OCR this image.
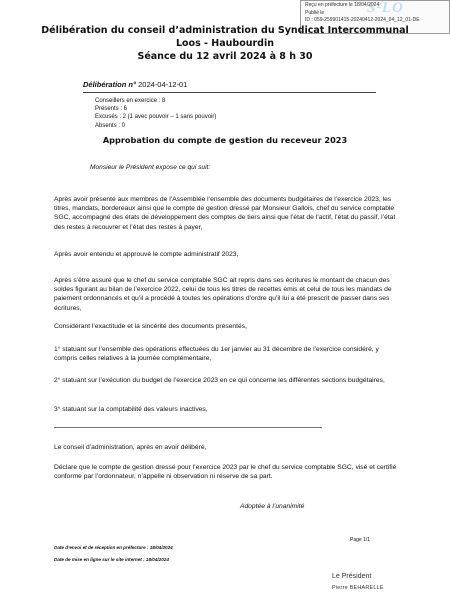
S²LO
Reçu en préfecture le 18/04/2024
Publié le
ID : 059-259901415-20240412-2024_04_12_01-DE
Délibération du conseil d’administration du Syndicat Intercommunal
Loos - Haubourdin
Séance du 12 avril 2024 à 8 h 30
Délibération n° 2024-04-12-01
Conseillers en exercice : 8
Présents : 6
Excusés : 2 (1 avec pouvoir – 1 sans pouvoir)
Absents : 0
Approbation du compte de gestion du receveur 2023
Monsieur le Président expose ce qui suit:
Après avoir présenté aux membres de l’Assemblée l’ensemble des documents budgétaires de l’exercice 2023, les titres, mandats, bordereaux ainsi que le compte de gestion dressé par Monsieur Gallois, chef du service comptable SGC, accompagné des états de développement des comptes de tiers ainsi que l’état de l’actif, l’état du passif, l’état des restes à recouvrer et l’état des restes à payer,
Après avoir entendu et approuvé le compte administratif 2023,
Après s’être assuré que le chef du service comptable SGC ait repris dans ses écritures le montant de chacun des soldes figurant au bilan de l’exercice 2022, celui de tous les titres de recettes émis et celui de tous les mandats de paiement ordonnancés et qu’il a procédé à toutes les opérations d’ordre qu’il lui a été prescrit de passer dans ses écritures,
Considérant l’exactitude et la sincérité des documents présentés,
1° statuant sur l’ensemble des opérations effectuées du 1er janvier au 31 décembre de l’exercice considéré, y compris celles relatives à la journée complémentaire,
2° statuant sur l’exécution du budget de l’exercice 2023 en ce qui concerne les différentes sections budgétaires,
3° statuant sur la comptabilité des valeurs inactives,
Le conseil d’administration, après en avoir délibéré,
Déclare que le compte de gestion dressé pour l’exercice 2023 par le chef du service comptable SGC, visé et certifié conforme par l’ordonnateur, n’appelle ni observation ni réserve de sa part.
Adoptée à l’unanimité
Page 1/1
Date d’envoi et de réception en préfecture : 18/04/2024
Date de mise en ligne sur le site internet : 18/04/2024
Le Président
Pierre BEHARELLE
